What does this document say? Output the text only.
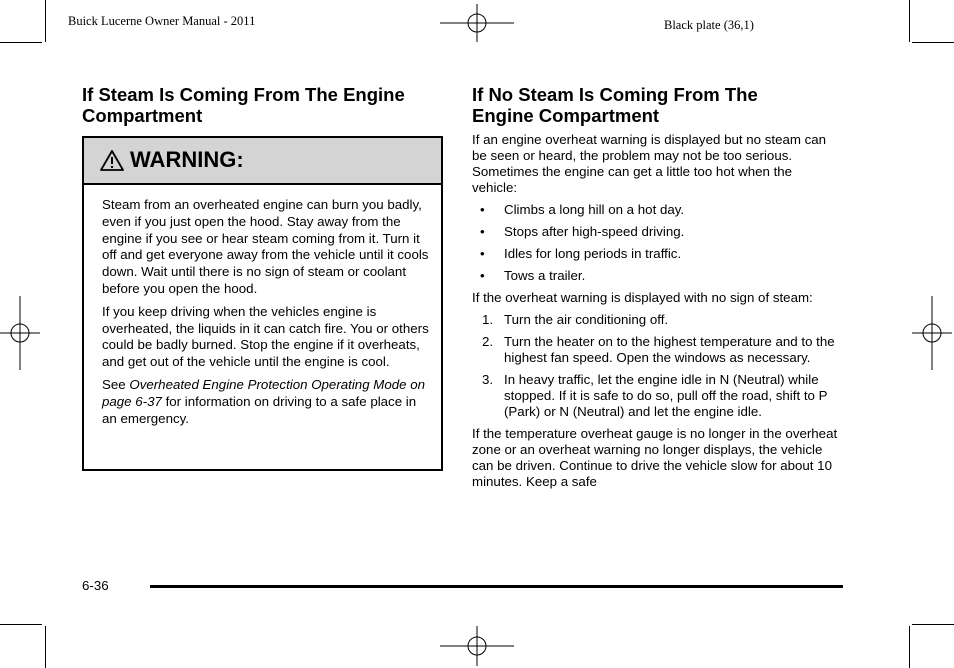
Buick Lucerne Owner Manual - 2011	Black plate (36,1)
If Steam Is Coming From The Engine Compartment
WARNING:

Steam from an overheated engine can burn you badly, even if you just open the hood. Stay away from the engine if you see or hear steam coming from it. Turn it off and get everyone away from the vehicle until it cools down. Wait until there is no sign of steam or coolant before you open the hood.

If you keep driving when the vehicles engine is overheated, the liquids in it can catch fire. You or others could be badly burned. Stop the engine if it overheats, and get out of the vehicle until the engine is cool.

See Overheated Engine Protection Operating Mode on page 6-37 for information on driving to a safe place in an emergency.

If No Steam Is Coming From The Engine Compartment

If an engine overheat warning is displayed but no steam can be seen or heard, the problem may not be too serious. Sometimes the engine can get a little too hot when the vehicle:

• Climbs a long hill on a hot day.
• Stops after high-speed driving.
• Idles for long periods in traffic.
• Tows a trailer.

If the overheat warning is displayed with no sign of steam:

1. Turn the air conditioning off.
2. Turn the heater on to the highest temperature and to the highest fan speed. Open the windows as necessary.
3. In heavy traffic, let the engine idle in N (Neutral) while stopped. If it is safe to do so, pull off the road, shift to P (Park) or N (Neutral) and let the engine idle.

If the temperature overheat gauge is no longer in the overheat zone or an overheat warning no longer displays, the vehicle can be driven. Continue to drive the vehicle slow for about 10 minutes. Keep a safe

6-36
